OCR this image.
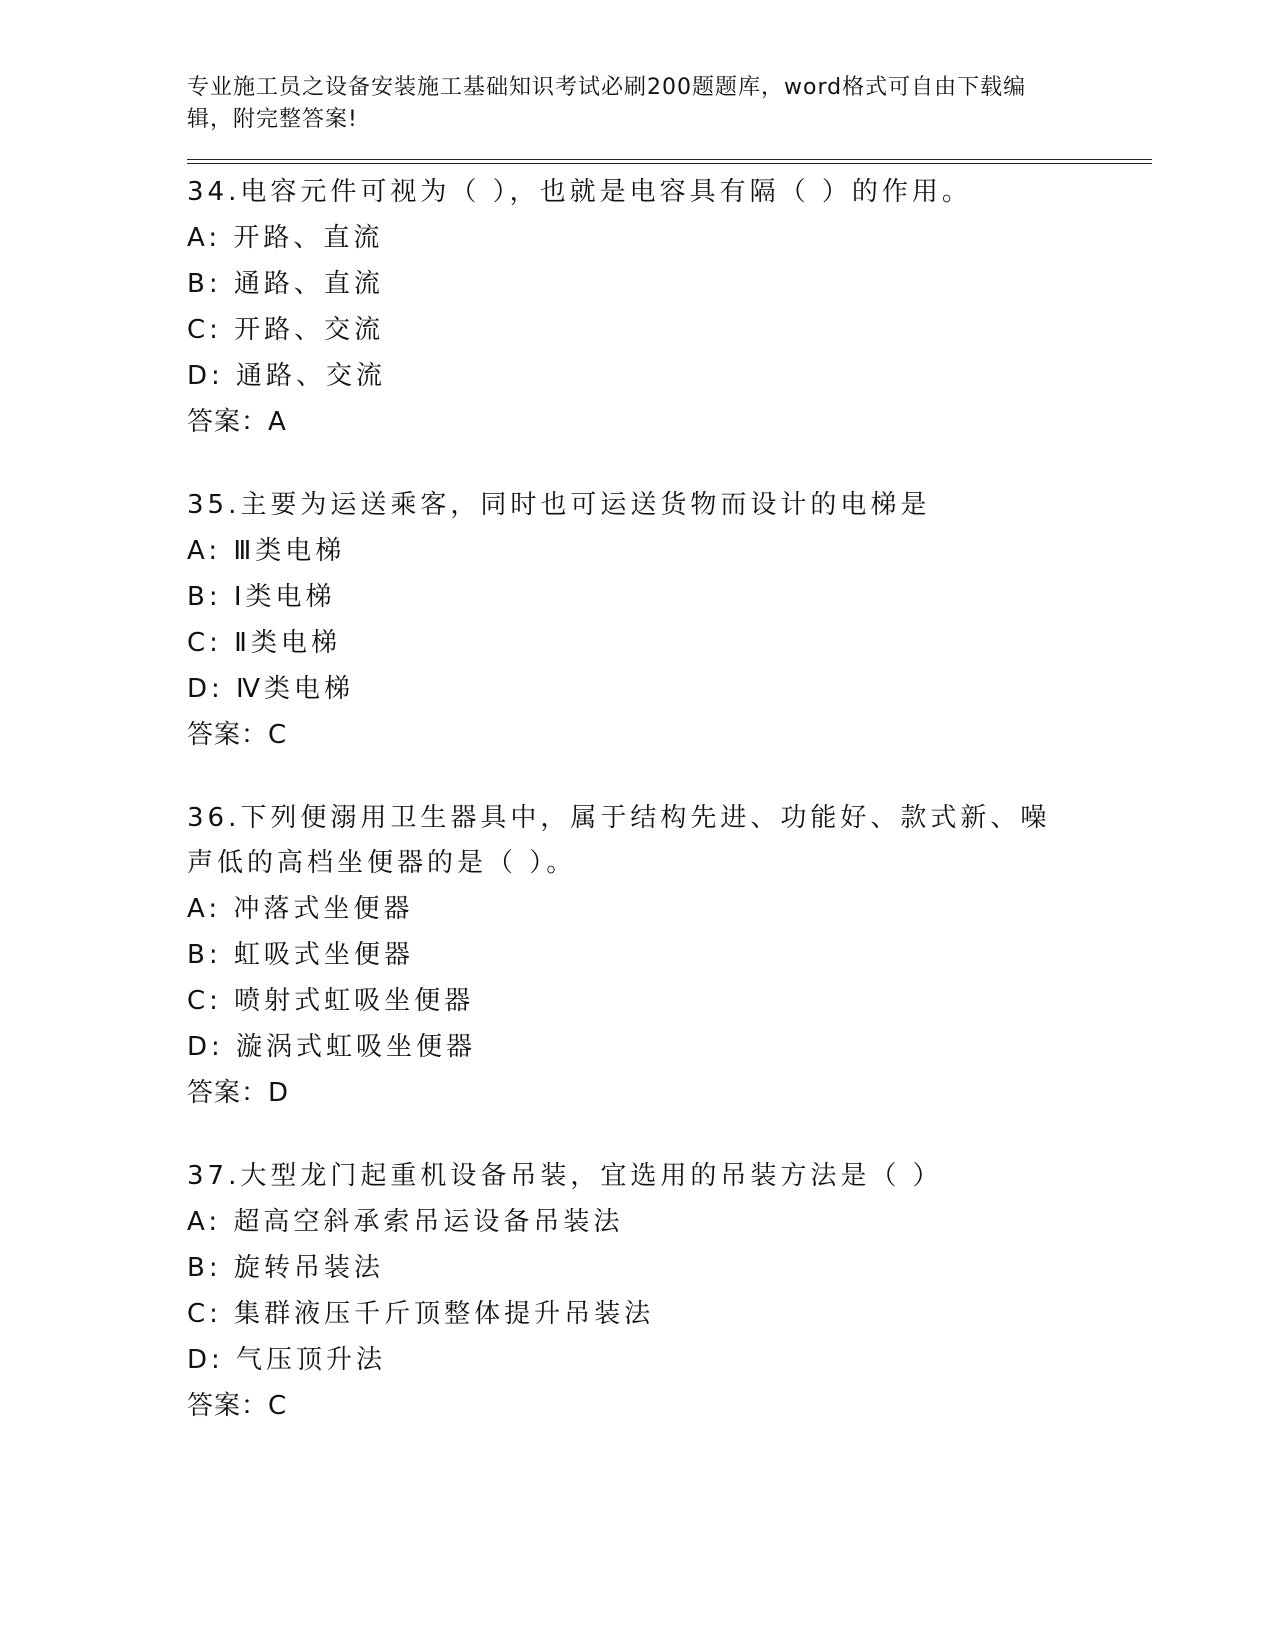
专业施工员之设备安装施工基础知识考试必刷200题题库，word格式可自由下载编辑，附完整答案!
34.电容元件可视为（ ），也就是电容具有隔（ ）的作用。
A: 开路、直流
B: 通路、直流
C: 开路、交流
D: 通路、交流
答案：A
35.主要为运送乘客，同时也可运送货物而设计的电梯是
A: Ⅲ类电梯
B: Ⅰ类电梯
C: Ⅱ类电梯
D: Ⅳ类电梯
答案：C
36.下列便溺用卫生器具中，属于结构先进、功能好、款式新、噪声低的高档坐便器的是（ ）。
A: 冲落式坐便器
B: 虹吸式坐便器
C: 喷射式虹吸坐便器
D: 漩涡式虹吸坐便器
答案：D
37.大型龙门起重机设备吊装，宜选用的吊装方法是（ ）
A: 超高空斜承索吊运设备吊装法
B: 旋转吊装法
C: 集群液压千斤顶整体提升吊装法
D: 气压顶升法
答案：C
